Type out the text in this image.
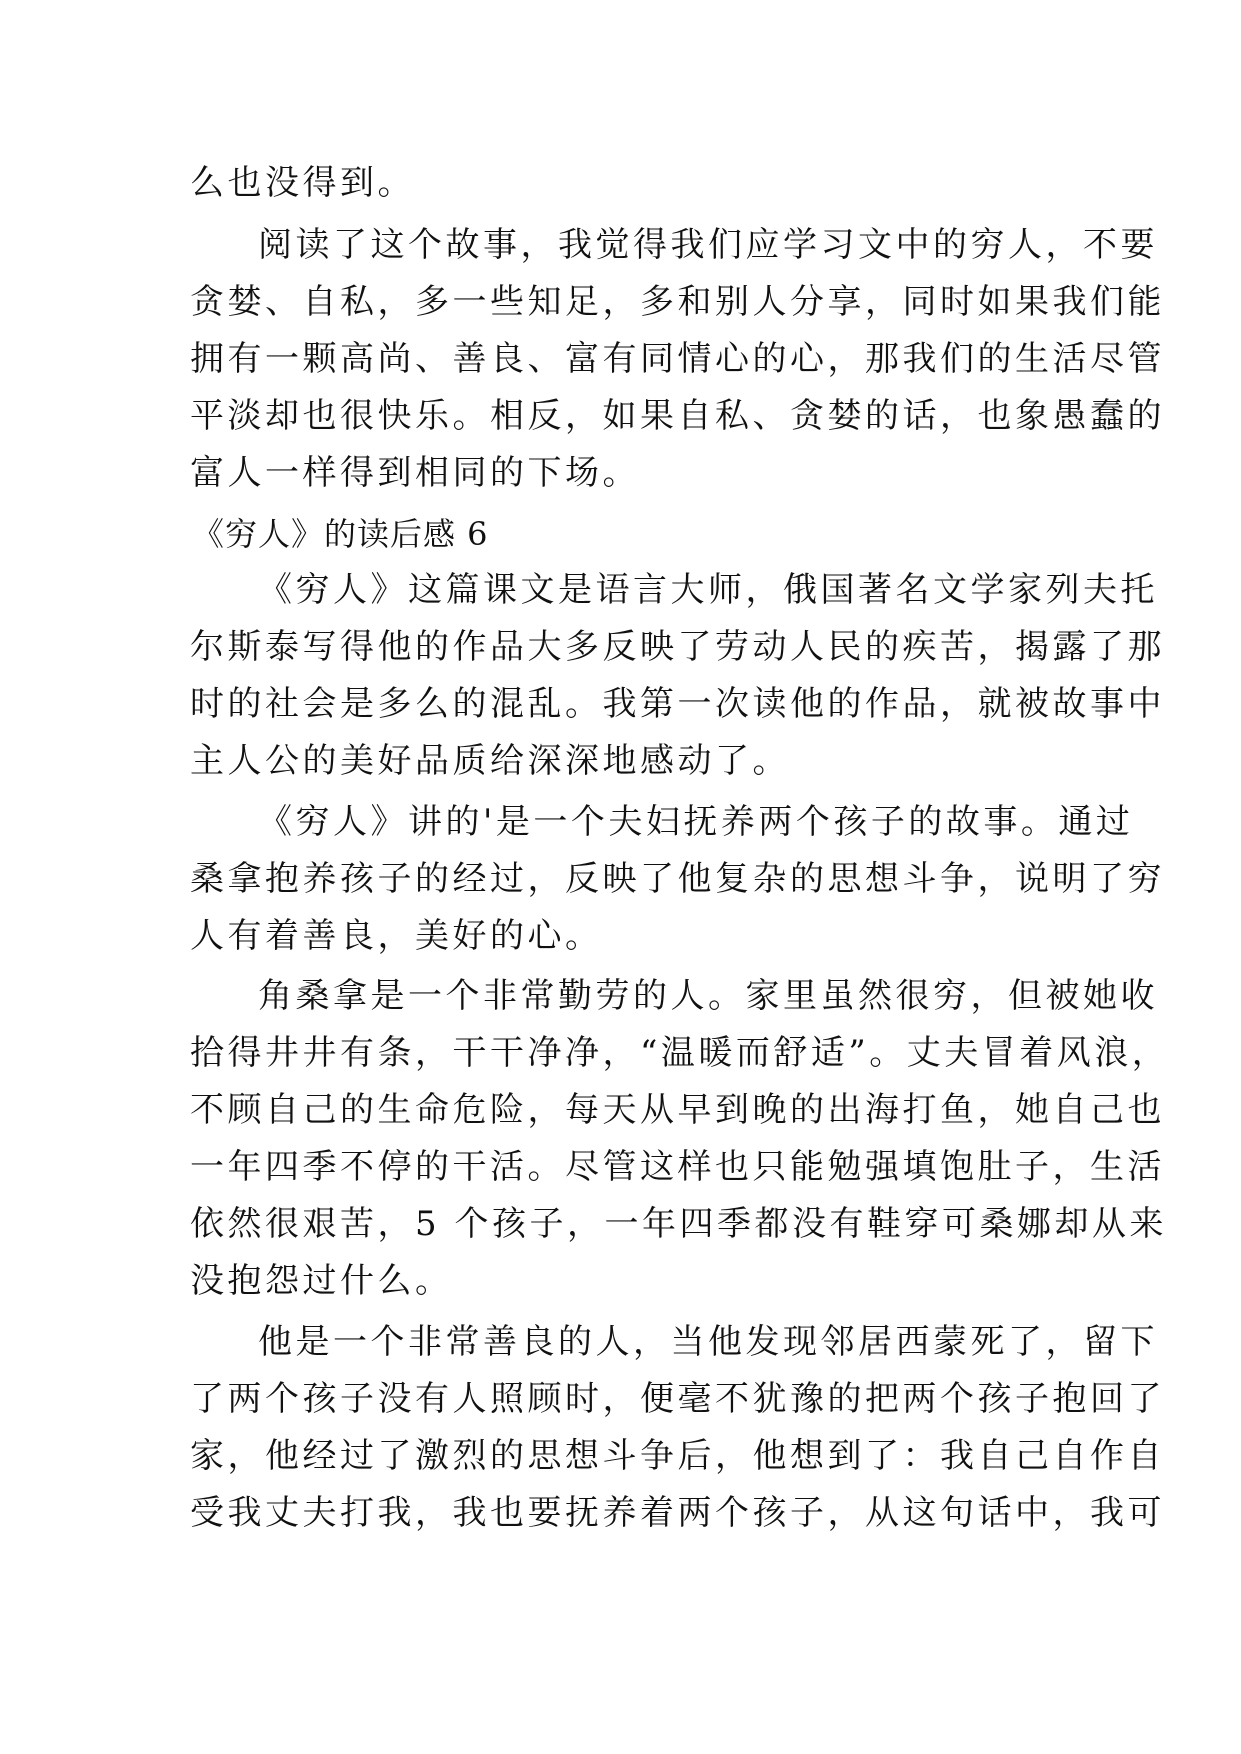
么也没得到。
阅读了这个故事，我觉得我们应学习文中的穷人，不要
贪婪、自私，多一些知足，多和别人分享，同时如果我们能
拥有一颗高尚、善良、富有同情心的心，那我们的生活尽管
平淡却也很快乐。相反，如果自私、贪婪的话，也象愚蠢的
富人一样得到相同的下场。
《穷人》的读后感 6
《穷人》这篇课文是语言大师，俄国著名文学家列夫托
尔斯泰写得他的作品大多反映了劳动人民的疾苦，揭露了那
时的社会是多么的混乱。我第一次读他的作品，就被故事中
主人公的美好品质给深深地感动了。
《穷人》讲的'是一个夫妇抚养两个孩子的故事。通过
桑拿抱养孩子的经过，反映了他复杂的思想斗争，说明了穷
人有着善良，美好的心。
角桑拿是一个非常勤劳的人。家里虽然很穷，但被她收
拾得井井有条，干干净净，“温暖而舒适”。丈夫冒着风浪，
不顾自己的生命危险，每天从早到晚的出海打鱼，她自己也
一年四季不停的干活。尽管这样也只能勉强填饱肚子，生活
依然很艰苦，5 个孩子，一年四季都没有鞋穿可桑娜却从来
没抱怨过什么。
他是一个非常善良的人，当他发现邻居西蒙死了，留下
了两个孩子没有人照顾时，便毫不犹豫的把两个孩子抱回了
家，他经过了激烈的思想斗争后，他想到了：我自己自作自
受我丈夫打我，我也要抚养着两个孩子，从这句话中，我可
